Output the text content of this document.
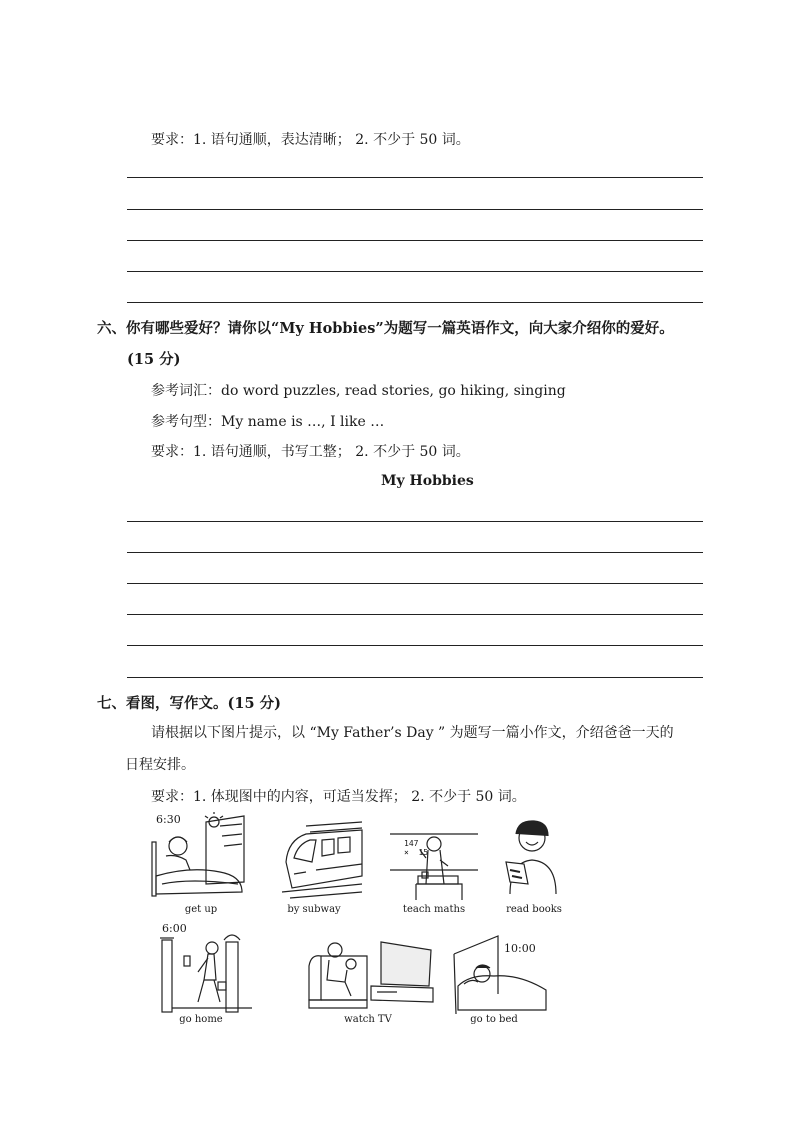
要求：1. 语句通顺，表达清晰； 2. 不少于 50 词。
六、你有哪些爱好？请你以“My Hobbies”为题写一篇英语作文，向大家介绍你的爱好。
(15 分)
参考词汇：do word puzzles, read stories, go hiking, singing
参考句型：My name is …, I like …
要求：1. 语句通顺，书写工整； 2. 不少于 50 词。
My Hobbies
七、看图，写作文。(15 分)
请根据以下图片提示，以 “My Father’s Day ” 为题写一篇小作文，介绍爸爸一天的
日程安排。
要求：1. 体现图中的内容，可适当发挥； 2. 不少于 50 词。
6:30
get up	by subway
147
×  15
teach maths	read books
6:00
go home	watch TV
10:00
go to bed
